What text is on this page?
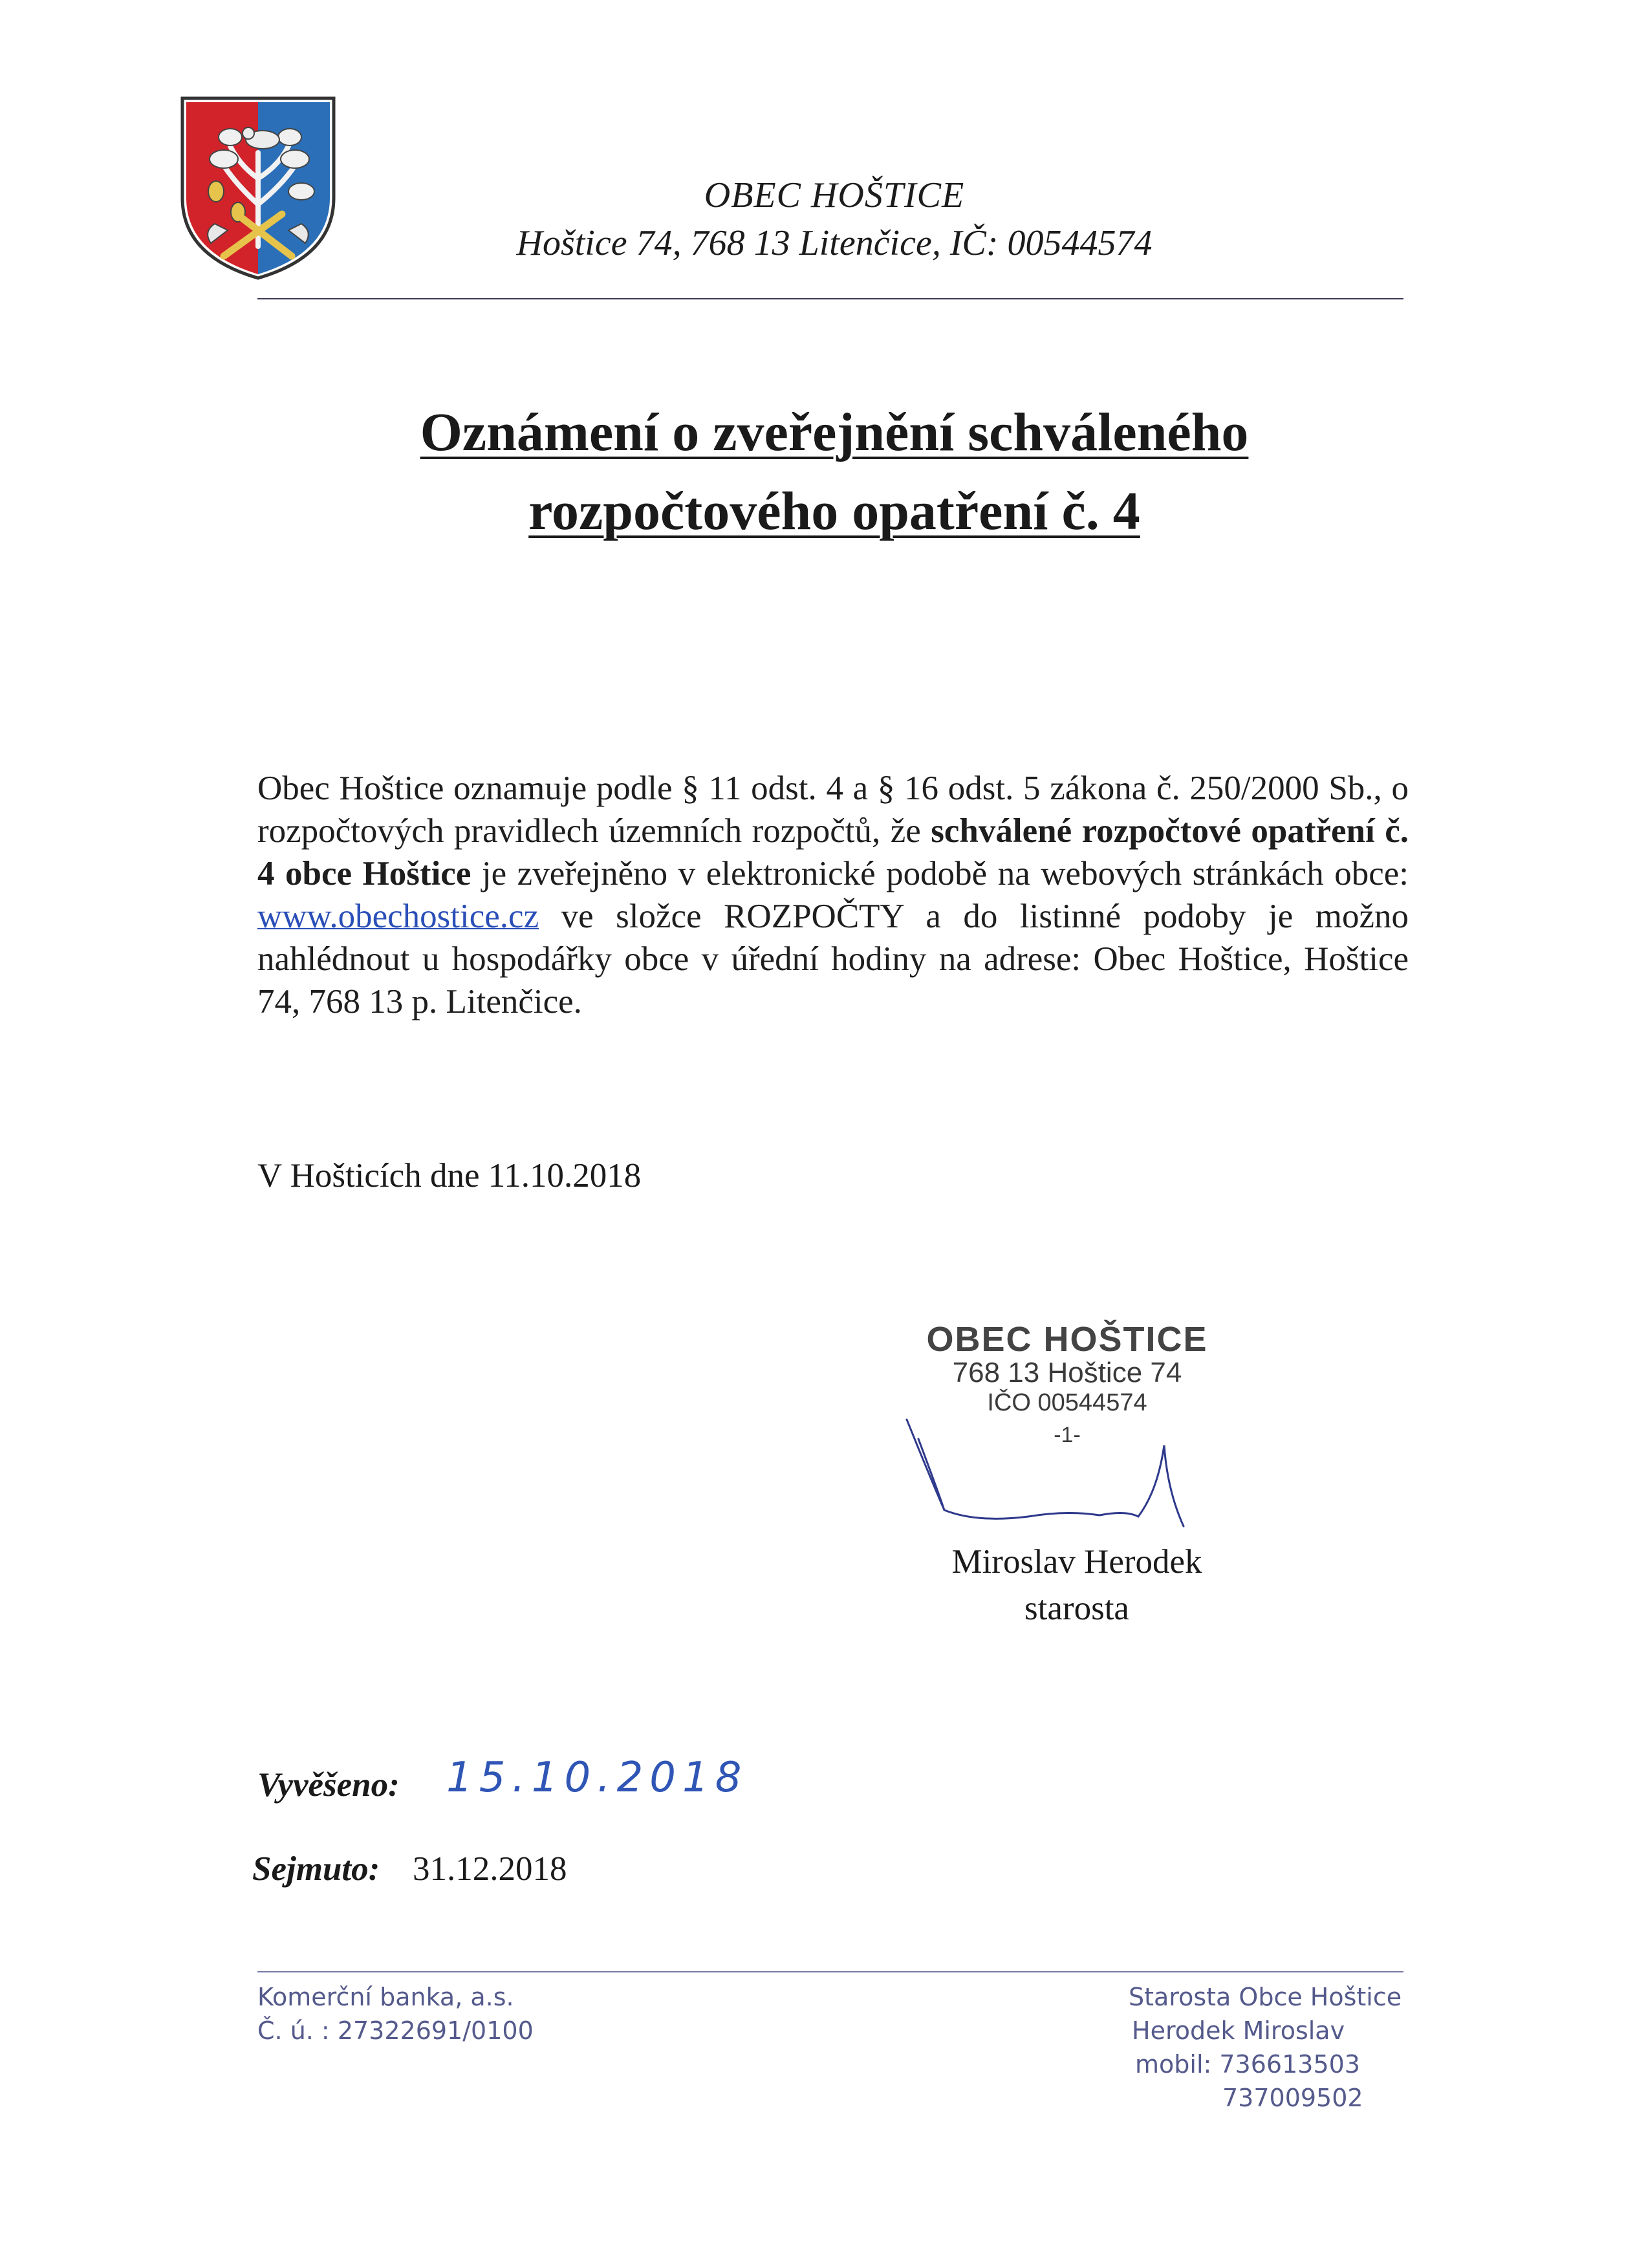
OBEC HOŠTICE
Hoštice 74, 768 13 Litenčice, IČ: 00544574
Oznámení o zveřejnění schváleného
rozpočtového opatření č. 4
Obec Hoštice oznamuje podle § 11 odst. 4 a § 16 odst. 5 zákona č. 250/2000 Sb., o rozpočtových pravidlech územních rozpočtů, že schválené rozpočtové opatření č. 4 obce Hoštice je zveřejněno v elektronické podobě na webových stránkách obce: www.obechostice.cz ve složce ROZPOČTY a do listinné podoby je možno nahlédnout u hospodářky obce v úřední hodiny na adrese: Obec Hoštice, Hoštice 74, 768 13 p. Litenčice.
V Hošticích dne 11.10.2018
OBEC HOŠTICE
768 13 Hoštice 74
IČO 00544574
-1-
Miroslav Herodek
starosta
Vyvěšeno: 15.10.2018
Sejmuto: 31.12.2018
Komerční banka, a.s.
Č. ú. : 27322691/0100
Starosta Obce Hoštice
Herodek Miroslav
mobil: 736613503
737009502
